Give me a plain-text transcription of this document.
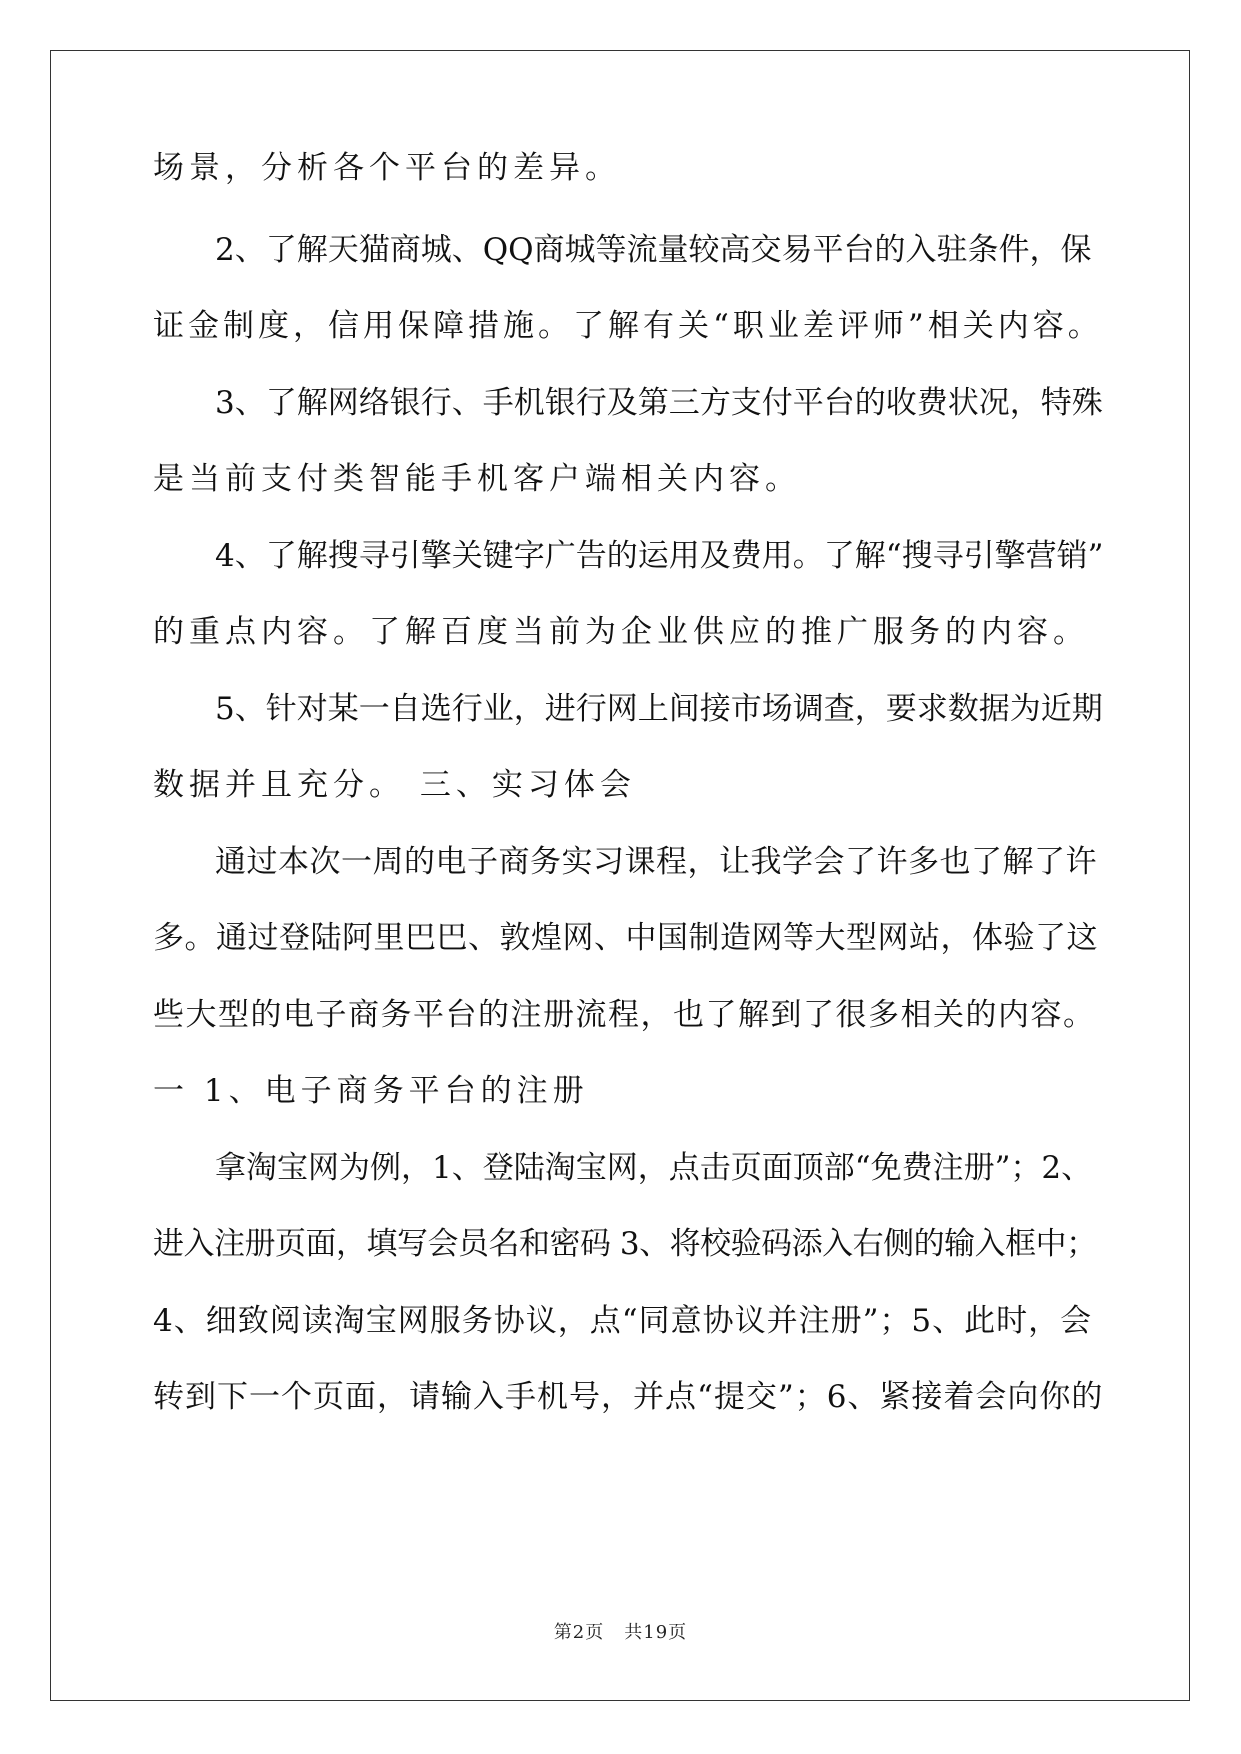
场景，分析各个平台的差异。
2、了解天猫商城、QQ商城等流量较高交易平台的入驻条件，保
证金制度，信用保障措施。了解有关“职业差评师”相关内容。
3、了解网络银行、手机银行及第三方支付平台的收费状况，特殊
是当前支付类智能手机客户端相关内容。
4、了解搜寻引擎关键字广告的运用及费用。了解“搜寻引擎营销”
的重点内容。了解百度当前为企业供应的推广服务的内容。
5、针对某一自选行业，进行网上间接市场调查，要求数据为近期
数据并且充分。 三、实习体会
通过本次一周的电子商务实习课程，让我学会了许多也了解了许
多。通过登陆阿里巴巴、敦煌网、中国制造网等大型网站，体验了这
些大型的电子商务平台的注册流程，也了解到了很多相关的内容。
一 1、电子商务平台的注册
拿淘宝网为例，1、登陆淘宝网，点击页面顶部“免费注册”；2、
进入注册页面，填写会员名和密码 3、将校验码添入右侧的输入框中；
4、细致阅读淘宝网服务协议，点“同意协议并注册”；5、此时，会
转到下一个页面，请输入手机号，并点“提交”；6、紧接着会向你的
第2页 共19页
